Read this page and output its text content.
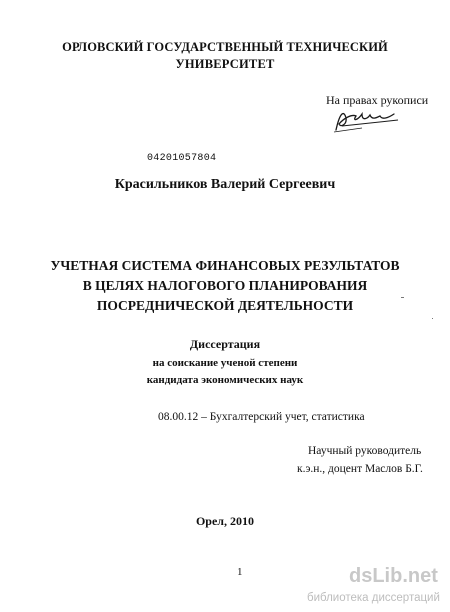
ОРЛОВСКИЙ ГОСУДАРСТВЕННЫЙ ТЕХНИЧЕСКИЙ
УНИВЕРСИТЕТ
На правах рукописи
04201057804
Красильников Валерий Сергеевич
УЧЕТНАЯ СИСТЕМА ФИНАНСОВЫХ РЕЗУЛЬТАТОВ
В ЦЕЛЯХ НАЛОГОВОГО ПЛАНИРОВАНИЯ
ПОСРЕДНИЧЕСКОЙ ДЕЯТЕЛЬНОСТИ
Диссертация
на соискание ученой степени
кандидата экономических наук
08.00.12 – Бухгалтерский учет, статистика
Научный руководитель
к.э.н., доцент Маслов Б.Г.
Орел, 2010
1	dsLib.net
библиотека диссертаций
